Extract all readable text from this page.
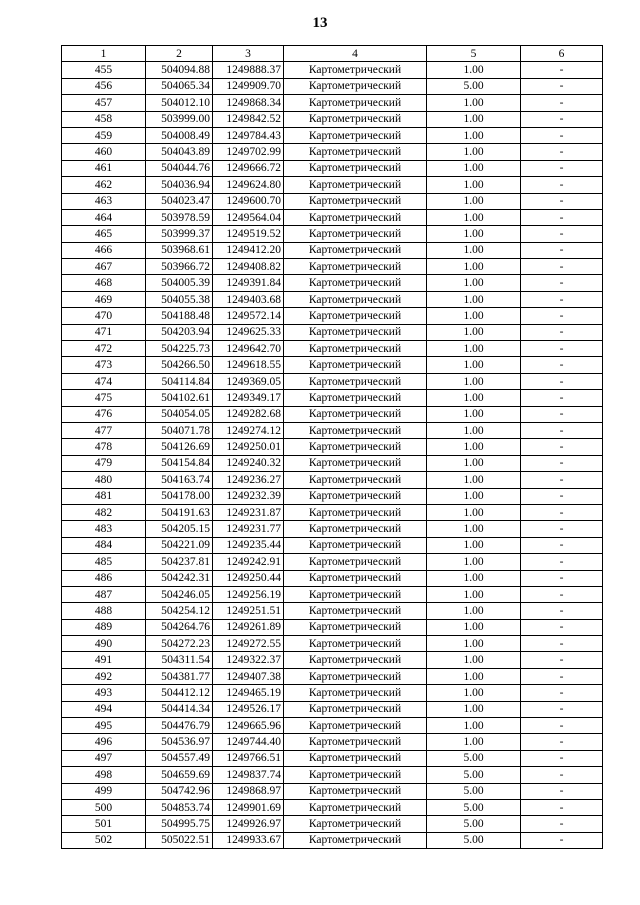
13
1	2	3	4	5	6
455	504094.88	1249888.37	Картометрический	1.00	-
456	504065.34	1249909.70	Картометрический	5.00	-
457	504012.10	1249868.34	Картометрический	1.00	-
458	503999.00	1249842.52	Картометрический	1.00	-
459	504008.49	1249784.43	Картометрический	1.00	-
460	504043.89	1249702.99	Картометрический	1.00	-
461	504044.76	1249666.72	Картометрический	1.00	-
462	504036.94	1249624.80	Картометрический	1.00	-
463	504023.47	1249600.70	Картометрический	1.00	-
464	503978.59	1249564.04	Картометрический	1.00	-
465	503999.37	1249519.52	Картометрический	1.00	-
466	503968.61	1249412.20	Картометрический	1.00	-
467	503966.72	1249408.82	Картометрический	1.00	-
468	504005.39	1249391.84	Картометрический	1.00	-
469	504055.38	1249403.68	Картометрический	1.00	-
470	504188.48	1249572.14	Картометрический	1.00	-
471	504203.94	1249625.33	Картометрический	1.00	-
472	504225.73	1249642.70	Картометрический	1.00	-
473	504266.50	1249618.55	Картометрический	1.00	-
474	504114.84	1249369.05	Картометрический	1.00	-
475	504102.61	1249349.17	Картометрический	1.00	-
476	504054.05	1249282.68	Картометрический	1.00	-
477	504071.78	1249274.12	Картометрический	1.00	-
478	504126.69	1249250.01	Картометрический	1.00	-
479	504154.84	1249240.32	Картометрический	1.00	-
480	504163.74	1249236.27	Картометрический	1.00	-
481	504178.00	1249232.39	Картометрический	1.00	-
482	504191.63	1249231.87	Картометрический	1.00	-
483	504205.15	1249231.77	Картометрический	1.00	-
484	504221.09	1249235.44	Картометрический	1.00	-
485	504237.81	1249242.91	Картометрический	1.00	-
486	504242.31	1249250.44	Картометрический	1.00	-
487	504246.05	1249256.19	Картометрический	1.00	-
488	504254.12	1249251.51	Картометрический	1.00	-
489	504264.76	1249261.89	Картометрический	1.00	-
490	504272.23	1249272.55	Картометрический	1.00	-
491	504311.54	1249322.37	Картометрический	1.00	-
492	504381.77	1249407.38	Картометрический	1.00	-
493	504412.12	1249465.19	Картометрический	1.00	-
494	504414.34	1249526.17	Картометрический	1.00	-
495	504476.79	1249665.96	Картометрический	1.00	-
496	504536.97	1249744.40	Картометрический	1.00	-
497	504557.49	1249766.51	Картометрический	5.00	-
498	504659.69	1249837.74	Картометрический	5.00	-
499	504742.96	1249868.97	Картометрический	5.00	-
500	504853.74	1249901.69	Картометрический	5.00	-
501	504995.75	1249926.97	Картометрический	5.00	-
502	505022.51	1249933.67	Картометрический	5.00	-
